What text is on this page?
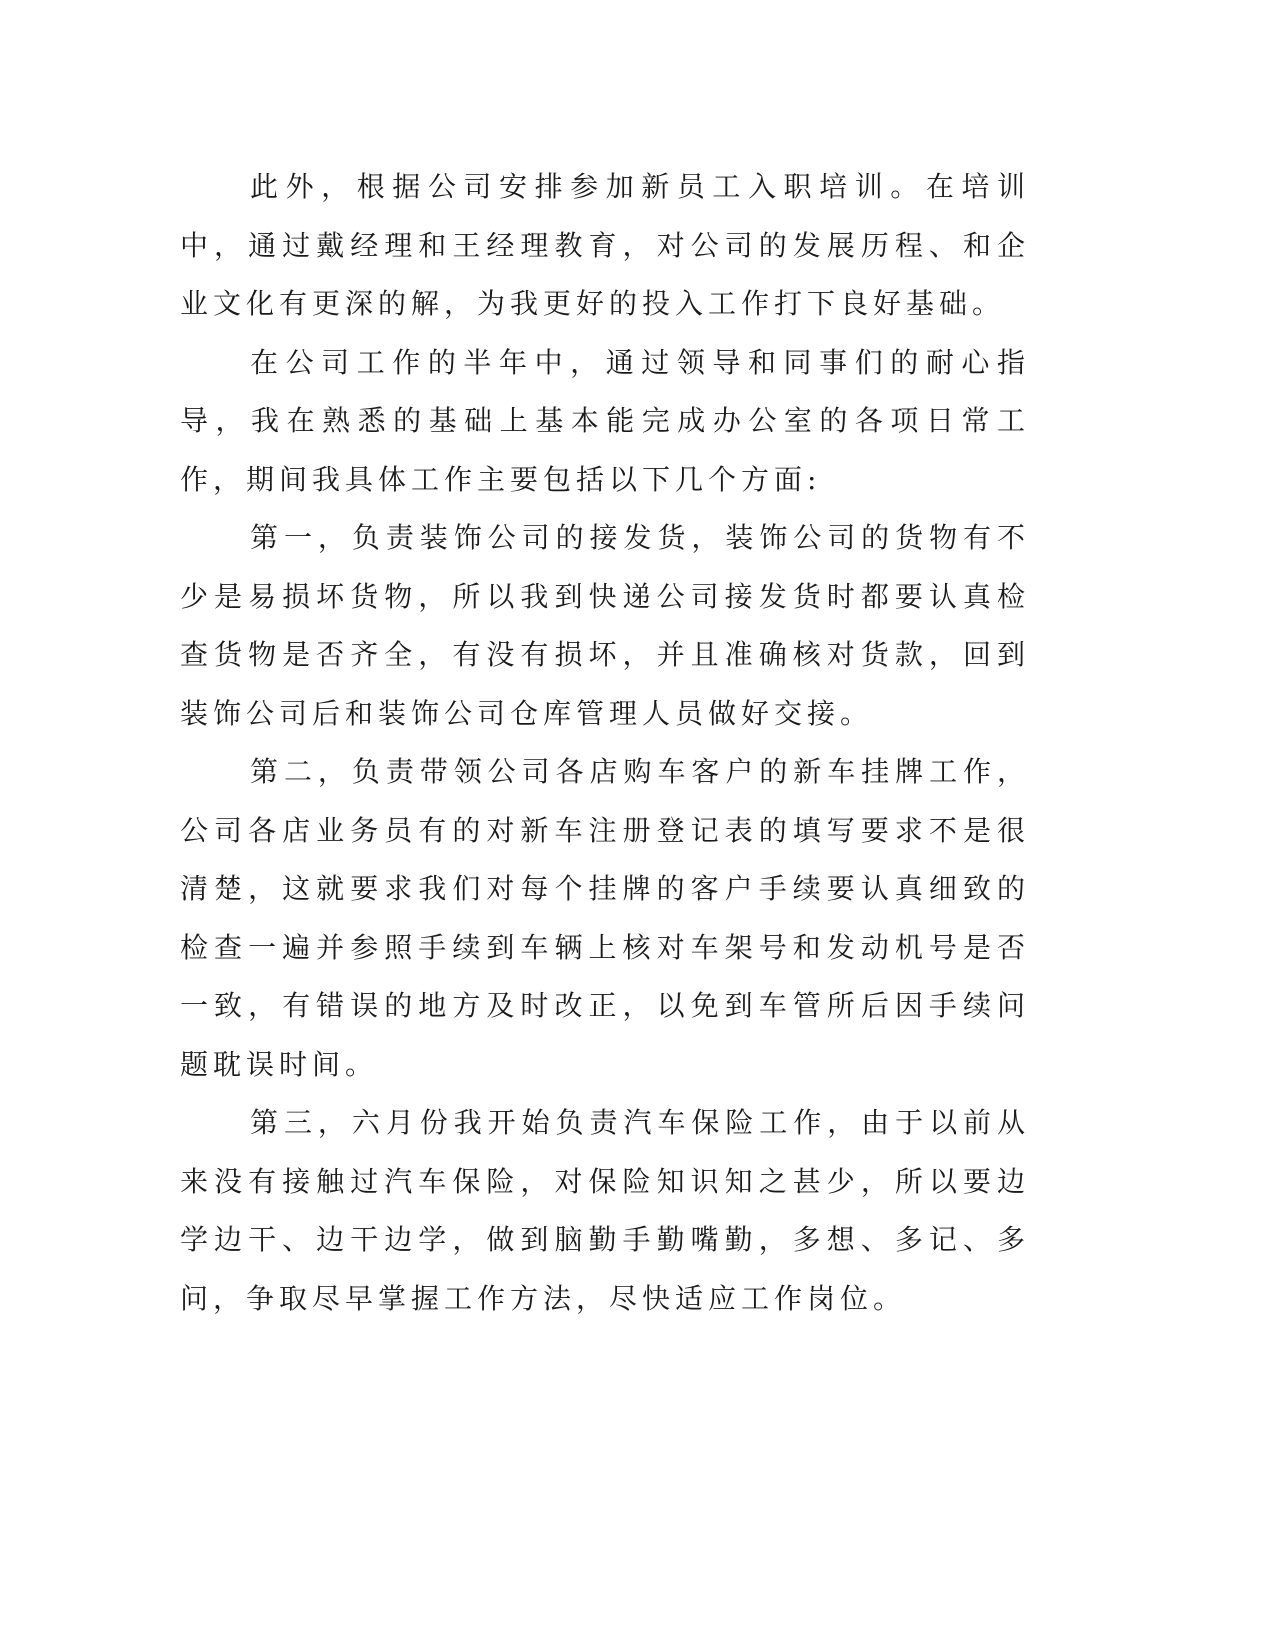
此外，根据公司安排参加新员工入职培训。在培训中，通过戴经理和王经理教育，对公司的发展历程、和企业文化有更深的解，为我更好的投入工作打下良好基础。

在公司工作的半年中，通过领导和同事们的耐心指导，我在熟悉的基础上基本能完成办公室的各项日常工作，期间我具体工作主要包括以下几个方面:

第一，负责装饰公司的接发货，装饰公司的货物有不少是易损坏货物，所以我到快递公司接发货时都要认真检查货物是否齐全，有没有损坏，并且准确核对货款，回到装饰公司后和装饰公司仓库管理人员做好交接。

第二，负责带领公司各店购车客户的新车挂牌工作，公司各店业务员有的对新车注册登记表的填写要求不是很清楚，这就要求我们对每个挂牌的客户手续要认真细致的检查一遍并参照手续到车辆上核对车架号和发动机号是否一致，有错误的地方及时改正，以免到车管所后因手续问题耽误时间。

第三，六月份我开始负责汽车保险工作，由于以前从来没有接触过汽车保险，对保险知识知之甚少，所以要边学边干、边干边学，做到脑勤手勤嘴勤，多想、多记、多问，争取尽早掌握工作方法，尽快适应工作岗位。
